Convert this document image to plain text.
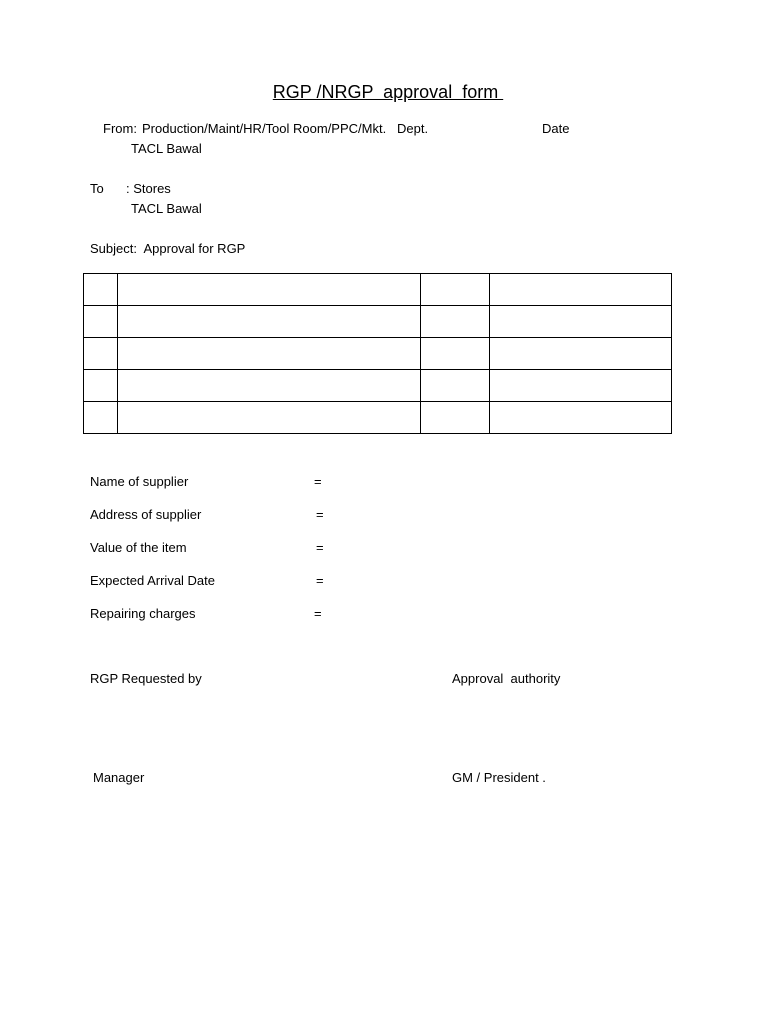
RGP /NRGP  approval  form
From: Production/Maint/HR/Tool Room/PPC/Mkt.   Dept.	Date
TACL Bawal
To : Stores
TACL Bawal
Subject:  Approval for RGP

Name of supplier	=
Address of supplier	=
Value of the item	=
Expected Arrival Date	=
Repairing charges	=
RGP Requested by	Approval  authority
Manager	GM / President .
